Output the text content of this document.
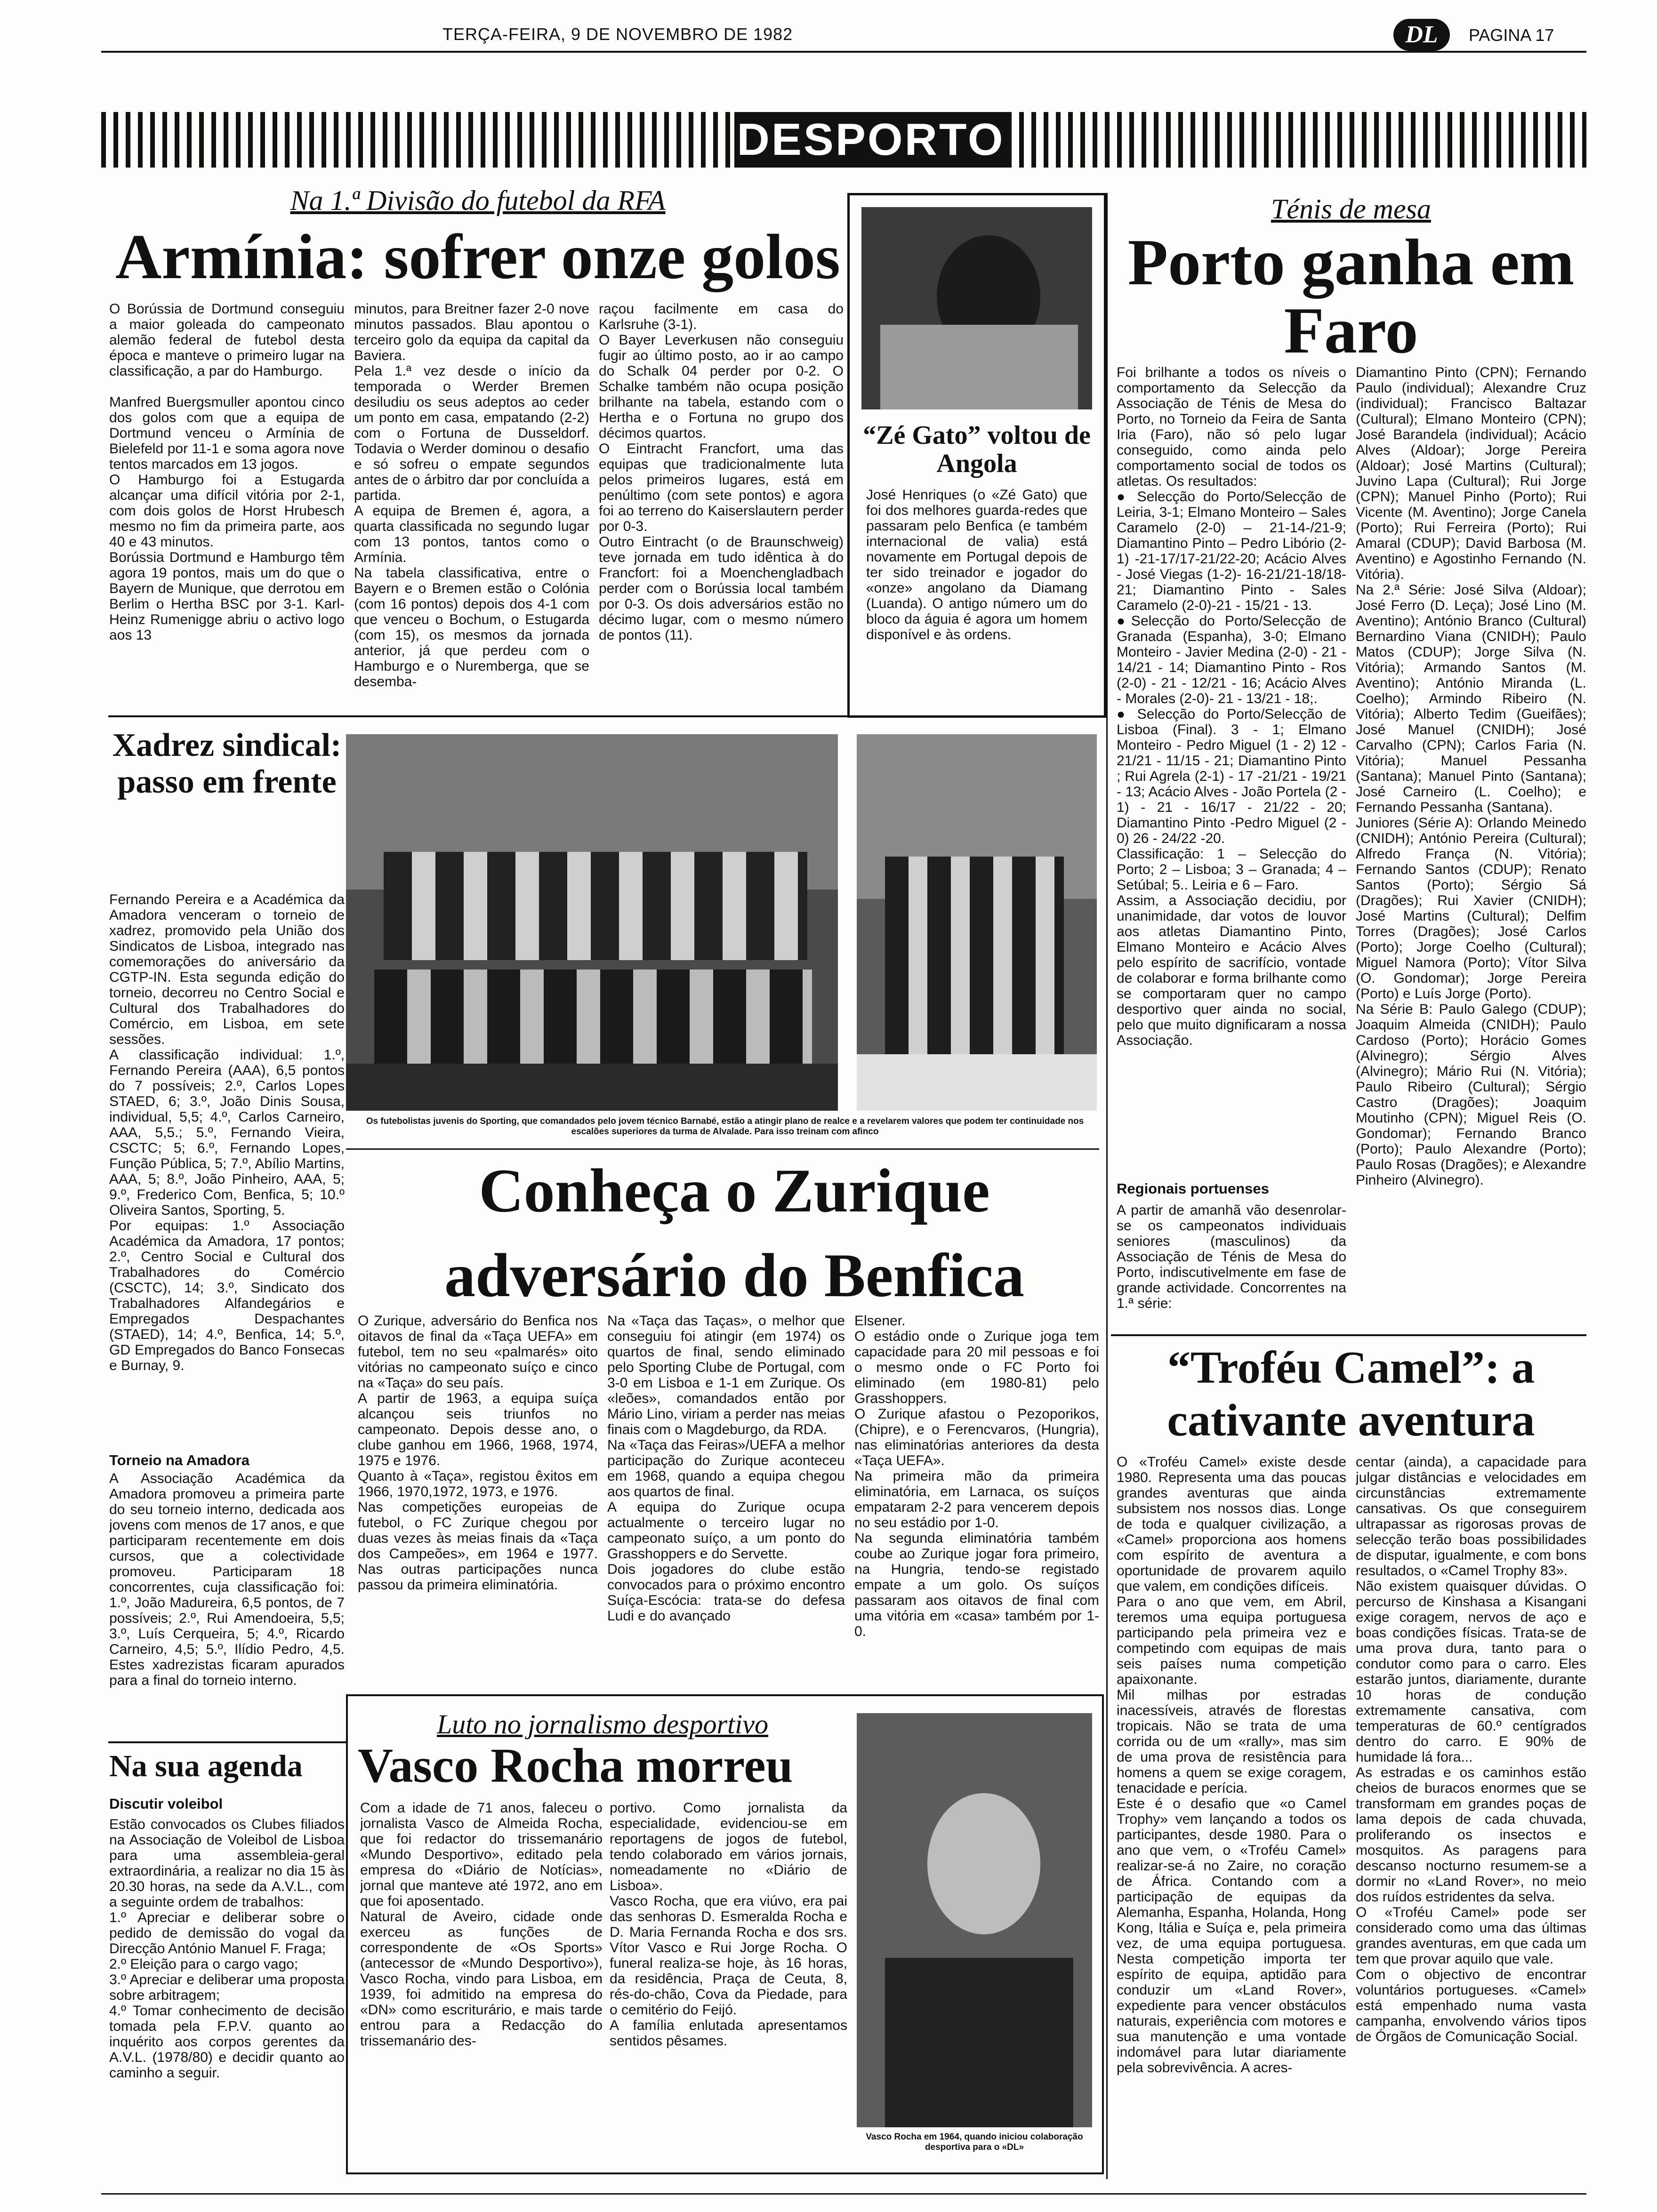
TERÇA-FEIRA, 9 DE NOVEMBRO DE 1982	DL	PAGINA 17
DESPORTO
Na 1.ª Divisão do futebol da RFA
Armínia: sofrer onze golos
O Borússia de Dortmund conseguiu a maior goleada do campeonato alemão federal de futebol desta época e manteve o primeiro lugar na classificação, a par do Hamburgo.

Manfred Buergsmuller apontou cinco dos golos com que a equipa de Dortmund venceu o Armínia de Bielefeld por 11-1 e soma agora nove tentos marcados em 13 jogos.
O Hamburgo foi a Estugarda alcançar uma difícil vitória por 2-1, com dois golos de Horst Hrubesch mesmo no fim da primeira parte, aos 40 e 43 minutos.
Borússia Dortmund e Hamburgo têm agora 19 pontos, mais um do que o Bayern de Munique, que derrotou em Berlim o Hertha BSC por 3-1. Karl-Heinz Rumenigge abriu o activo logo aos 13
minutos, para Breitner fazer 2-0 nove minutos passados. Blau apontou o terceiro golo da equipa da capital da Baviera.
Pela 1.ª vez desde o início da temporada o Werder Bremen desiludiu os seus adeptos ao ceder um ponto em casa, empatando (2-2) com o Fortuna de Dusseldorf. Todavia o Werder dominou o desafio e só sofreu o empate segundos antes de o árbitro dar por concluída a partida.
A equipa de Bremen é, agora, a quarta classificada no segundo lugar com 13 pontos, tantos como o Armínia.
Na tabela classificativa, entre o Bayern e o Bremen estão o Colónia (com 16 pontos) depois dos 4-1 com que venceu o Bochum, o Estugarda (com 15), os mesmos da jornada anterior, já que perdeu com o Hamburgo e o Nuremberga, que se desemba-
raçou facilmente em casa do Karlsruhe (3-1).
O Bayer Leverkusen não conseguiu fugir ao último posto, ao ir ao campo do Schalk 04 perder por 0-2. O Schalke também não ocupa posição brilhante na tabela, estando com o Hertha e o Fortuna no grupo dos décimos quartos.
O Eintracht Francfort, uma das equipas que tradicionalmente luta pelos primeiros lugares, está em penúltimo (com sete pontos) e agora foi ao terreno do Kaiserslautern perder por 0-3.
Outro Eintracht (o de Braunschweig) teve jornada em tudo idêntica à do Francfort: foi a Moenchengladbach perder com o Borússia local também por 0-3. Os dois adversários estão no décimo lugar, com o mesmo número de pontos (11).
“Zé Gato” voltou de Angola
José Henriques (o «Zé Gato) que foi dos melhores guarda-redes que passaram pelo Benfica (e também internacional de valia) está novamente em Portugal depois de ter sido treinador e jogador do «onze» angolano da Diamang (Luanda). O antigo número um do bloco da águia é agora um homem disponível e às ordens.
Ténis de mesa
Porto ganha em Faro
Foi brilhante a todos os níveis o comportamento da Selecção da Associação de Ténis de Mesa do Porto, no Torneio da Feira de Santa Iria (Faro), não só pelo lugar conseguido, como ainda pelo comportamento social de todos os atletas. Os resultados:
● Selecção do Porto/Selecção de Leiria, 3-1; Elmano Monteiro – Sales Caramelo (2-0) – 21-14-/21-9; Diamantino Pinto – Pedro Libório (2-1) -21-17/17-21/22-20; Acácio Alves - José Viegas (1-2)- 16-21/21-18/18-21; Diamantino Pinto - Sales Caramelo (2-0)-21 - 15/21 - 13.
●Selecção do Porto/Selecção de Granada (Espanha), 3-0; Elmano Monteiro - Javier Medina (2-0) - 21 - 14/21 - 14; Diamantino Pinto - Ros (2-0) - 21 - 12/21 - 16; Acácio Alves - Morales (2-0)- 21 - 13/21 - 18;.
● Selecção do Porto/Selecção de Lisboa (Final). 3 - 1; Elmano Monteiro - Pedro Miguel (1 - 2) 12 - 21/21 - 11/15 - 21; Diamantino Pinto ; Rui Agrela (2-1) - 17 -21/21 - 19/21 - 13; Acácio Alves - João Portela (2 - 1) - 21 - 16/17 - 21/22 - 20; Diamantino Pinto -Pedro Miguel (2 - 0) 26 - 24/22 -20.
Classificação: 1 – Selecção do Porto; 2 – Lisboa; 3 – Granada; 4 – Setúbal; 5.. Leiria e 6 – Faro.
Assim, a Associação decidiu, por unanimidade, dar votos de louvor aos atletas Diamantino Pinto, Elmano Monteiro e Acácio Alves pelo espírito de sacrifício, vontade de colaborar e forma brilhante como se comportaram quer no campo desportivo quer ainda no social, pelo que muito dignificaram a nossa Associação.
Regionais portuenses
A partir de amanhã vão desenrolar-se os campeonatos individuais seniores (masculinos) da Associação de Ténis de Mesa do Porto, indiscutivelmente em fase de grande actividade. Concorrentes na 1.ª série:
Diamantino Pinto (CPN); Fernando Paulo (individual); Alexandre Cruz (individual); Francisco Baltazar (Cultural); Elmano Monteiro (CPN); José Barandela (individual); Acácio Alves (Aldoar); Jorge Pereira (Aldoar); José Martins (Cultural); Juvino Lapa (Cultural); Rui Jorge (CPN); Manuel Pinho (Porto); Rui Vicente (M. Aventino); Jorge Canela (Porto); Rui Ferreira (Porto); Rui Amaral (CDUP); David Barbosa (M. Aventino) e Agostinho Fernando (N. Vitória).
Na 2.ª Série: José Silva (Aldoar); José Ferro (D. Leça); José Lino (M. Aventino); António Branco (Cultural) Bernardino Viana (CNIDH); Paulo Matos (CDUP); Jorge Silva (N. Vitória); Armando Santos (M. Aventino); António Miranda (L. Coelho); Armindo Ribeiro (N. Vitória); Alberto Tedim (Gueifães); José Manuel (CNIDH); José Carvalho (CPN); Carlos Faria (N. Vitória); Manuel Pessanha (Santana); Manuel Pinto (Santana); José Carneiro (L. Coelho); e Fernando Pessanha (Santana).
Juniores (Série A): Orlando Meinedo (CNIDH); António Pereira (Cultural); Alfredo França (N. Vitória); Fernando Santos (CDUP); Renato Santos (Porto); Sérgio Sá (Dragões); Rui Xavier (CNIDH); José Martins (Cultural); Delfim Torres (Dragões); José Carlos (Porto); Jorge Coelho (Cultural); Miguel Namora (Porto); Vítor Silva (O. Gondomar); Jorge Pereira (Porto) e Luís Jorge (Porto).
Na Série B: Paulo Galego (CDUP); Joaquim Almeida (CNIDH); Paulo Cardoso (Porto); Horácio Gomes (Alvinegro); Sérgio Alves (Alvinegro); Mário Rui (N. Vitória); Paulo Ribeiro (Cultural); Sérgio Castro (Dragões); Joaquim Moutinho (CPN); Miguel Reis (O. Gondomar); Fernando Branco (Porto); Paulo Alexandre (Porto); Paulo Rosas (Dragões); e Alexandre Pinheiro (Alvinegro).
Xadrez sindical: passo em frente
Fernando Pereira e a Académica da Amadora venceram o torneio de xadrez, promovido pela União dos Sindicatos de Lisboa, integrado nas comemorações do aniversário da CGTP-IN. Esta segunda edição do torneio, decorreu no Centro Social e Cultural dos Trabalhadores do Comércio, em Lisboa, em sete sessões.
A classificação individual: 1.º, Fernando Pereira (AAA), 6,5 pontos do 7 possíveis; 2.º, Carlos Lopes STAED, 6; 3.º, João Dinis Sousa, individual, 5,5; 4.º, Carlos Carneiro, AAA, 5,5.; 5.º, Fernando Vieira, CSCTC; 5; 6.º, Fernando Lopes, Função Pública, 5; 7.º, Abílio Martins, AAA, 5; 8.º, João Pinheiro, AAA, 5; 9.º, Frederico Com, Benfica, 5; 10.º Oliveira Santos, Sporting, 5.
Por equipas: 1.º Associação Académica da Amadora, 17 pontos; 2.º, Centro Social e Cultural dos Trabalhadores do Comércio (CSCTC), 14; 3.º, Sindicato dos Trabalhadores Alfandegários e Empregados Despachantes (STAED), 14; 4.º, Benfica, 14; 5.º, GD Empregados do Banco Fonsecas e Burnay, 9.
Torneio na Amadora
A Associação Académica da Amadora promoveu a primeira parte do seu torneio interno, dedicada aos jovens com menos de 17 anos, e que participaram recentemente em dois cursos, que a colectividade promoveu. Participaram 18 concorrentes, cuja classificação foi: 1.º, João Madureira, 6,5 pontos, de 7 possíveis; 2.º, Rui Amendoeira, 5,5; 3.º, Luís Cerqueira, 5; 4.º, Ricardo Carneiro, 4,5; 5.º, Ilídio Pedro, 4,5. Estes xadrezistas ficaram apurados para a final do torneio interno.
Na sua agenda
Discutir voleibol
Estão convocados os Clubes filiados na Associação de Voleibol de Lisboa para uma assembleia-geral extraordinária, a realizar no dia 15 às 20.30 horas, na sede da A.V.L., com a seguinte ordem de trabalhos:
1.º Apreciar e deliberar sobre o pedido de demissão do vogal da Direcção António Manuel F. Fraga;
2.º Eleição para o cargo vago;
3.º Apreciar e deliberar uma proposta sobre arbitragem;
4.º Tomar conhecimento de decisão tomada pela F.P.V. quanto ao inquérito aos corpos gerentes da A.V.L. (1978/80) e decidir quanto ao caminho a seguir.
Os futebolistas juvenis do Sporting, que comandados pelo jovem técnico Barnabé, estão a atingir plano de realce e a revelarem valores que podem ter continuidade nos escalões superiores da turma de Alvalade. Para isso treinam com afinco
Conheça o Zurique adversário do Benfica
O Zurique, adversário do Benfica nos oitavos de final da «Taça UEFA» em futebol, tem no seu «palmarés» oito vitórias no campeonato suíço e cinco na «Taça» do seu país.
A partir de 1963, a equipa suíça alcançou seis triunfos no campeonato. Depois desse ano, o clube ganhou em 1966, 1968, 1974, 1975 e 1976.
Quanto à «Taça», registou êxitos em 1966, 1970,1972, 1973, e 1976.
Nas competições europeias de futebol, o FC Zurique chegou por duas vezes às meias finais da «Taça dos Campeões», em 1964 e 1977. Nas outras participações nunca passou da primeira eliminatória.
Na «Taça das Taças», o melhor que conseguiu foi atingir (em 1974) os quartos de final, sendo eliminado pelo Sporting Clube de Portugal, com 3-0 em Lisboa e 1-1 em Zurique. Os «leões», comandados então por Mário Lino, viriam a perder nas meias finais com o Magdeburgo, da RDA.
Na «Taça das Feiras»/UEFA a melhor participação do Zurique aconteceu em 1968, quando a equipa chegou aos quartos de final.
A equipa do Zurique ocupa actualmente o terceiro lugar no campeonato suíço, a um ponto do Grasshoppers e do Servette.
Dois jogadores do clube estão convocados para o próximo encontro Suíça-Escócia: trata-se do defesa Ludi e do avançado
Elsener.
O estádio onde o Zurique joga tem capacidade para 20 mil pessoas e foi o mesmo onde o FC Porto foi eliminado (em 1980-81) pelo Grasshoppers.
O Zurique afastou o Pezoporikos, (Chipre), e o Ferencvaros, (Hungria), nas eliminatórias anteriores da desta «Taça UEFA».
Na primeira mão da primeira eliminatória, em Larnaca, os suíços empataram 2-2 para vencerem depois no seu estádio por 1-0.
Na segunda eliminatória também coube ao Zurique jogar fora primeiro, na Hungria, tendo-se registado empate a um golo. Os suíços passaram aos oitavos de final com uma vitória em «casa» também por 1-0.
Luto no jornalismo desportivo
Vasco Rocha morreu
Com a idade de 71 anos, faleceu o jornalista Vasco de Almeida Rocha, que foi redactor do trissemanário «Mundo Desportivo», editado pela empresa do «Diário de Notícias», jornal que manteve até 1972, ano em que foi aposentado.
Natural de Aveiro, cidade onde exerceu as funções de correspondente de «Os Sports» (antecessor de «Mundo Desportivo»), Vasco Rocha, vindo para Lisboa, em 1939, foi admitido na empresa do «DN» como escriturário, e mais tarde entrou para a Redacção do trissemanário des-
portivo. Como jornalista da especialidade, evidenciou-se em reportagens de jogos de futebol, tendo colaborado em vários jornais, nomeadamente no «Diário de Lisboa».
Vasco Rocha, que era viúvo, era pai das senhoras D. Esmeralda Rocha e D. Maria Fernanda Rocha e dos srs. Vítor Vasco e Rui Jorge Rocha. O funeral realiza-se hoje, às 16 horas, da residência, Praça de Ceuta, 8, rés-do-chão, Cova da Piedade, para o cemitério do Feijó.
A família enlutada apresentamos sentidos pêsames.
Vasco Rocha em 1964, quando iniciou colaboração desportiva para o «DL»
“Troféu Camel”: a cativante aventura
O «Troféu Camel» existe desde 1980. Representa uma das poucas grandes aventuras que ainda subsistem nos nossos dias. Longe de toda e qualquer civilização, a «Camel» proporciona aos homens com espírito de aventura a oportunidade de provarem aquilo que valem, em condições difíceis.
Para o ano que vem, em Abril, teremos uma equipa portuguesa participando pela primeira vez e competindo com equipas de mais seis países numa competição apaixonante.
Mil milhas por estradas inacessíveis, através de florestas tropicais. Não se trata de uma corrida ou de um «rally», mas sim de uma prova de resistência para homens a quem se exige coragem, tenacidade e perícia.
Este é o desafio que «o Camel Trophy» vem lançando a todos os participantes, desde 1980. Para o ano que vem, o «Troféu Camel» realizar-se-á no Zaire, no coração de África. Contando com a participação de equipas da Alemanha, Espanha, Holanda, Hong Kong, Itália e Suíça e, pela primeira vez, de uma equipa portuguesa. Nesta competição importa ter espírito de equipa, aptidão para conduzir um «Land Rover», expediente para vencer obstáculos naturais, experiência com motores e sua manutenção e uma vontade indomável para lutar diariamente pela sobrevivência. A acres-
centar (ainda), a capacidade para julgar distâncias e velocidades em circunstâncias extremamente cansativas. Os que conseguirem ultrapassar as rigorosas provas de selecção terão boas possibilidades de disputar, igualmente, e com bons resultados, o «Camel Trophy 83».
Não existem quaisquer dúvidas. O percurso de Kinshasa a Kisangani exige coragem, nervos de aço e boas condições físicas. Trata-se de uma prova dura, tanto para o condutor como para o carro. Eles estarão juntos, diariamente, durante 10 horas de condução extremamente cansativa, com temperaturas de 60.º centígrados dentro do carro. E 90% de humidade lá fora...
As estradas e os caminhos estão cheios de buracos enormes que se transformam em grandes poças de lama depois de cada chuvada, proliferando os insectos e mosquitos. As paragens para descanso nocturno resumem-se a dormir no «Land Rover», no meio dos ruídos estridentes da selva.
O «Troféu Camel» pode ser considerado como uma das últimas grandes aventuras, em que cada um tem que provar aquilo que vale.
Com o objectivo de encontrar voluntários portugueses. «Camel» está empenhado numa vasta campanha, envolvendo vários tipos de Órgãos de Comunicação Social.
